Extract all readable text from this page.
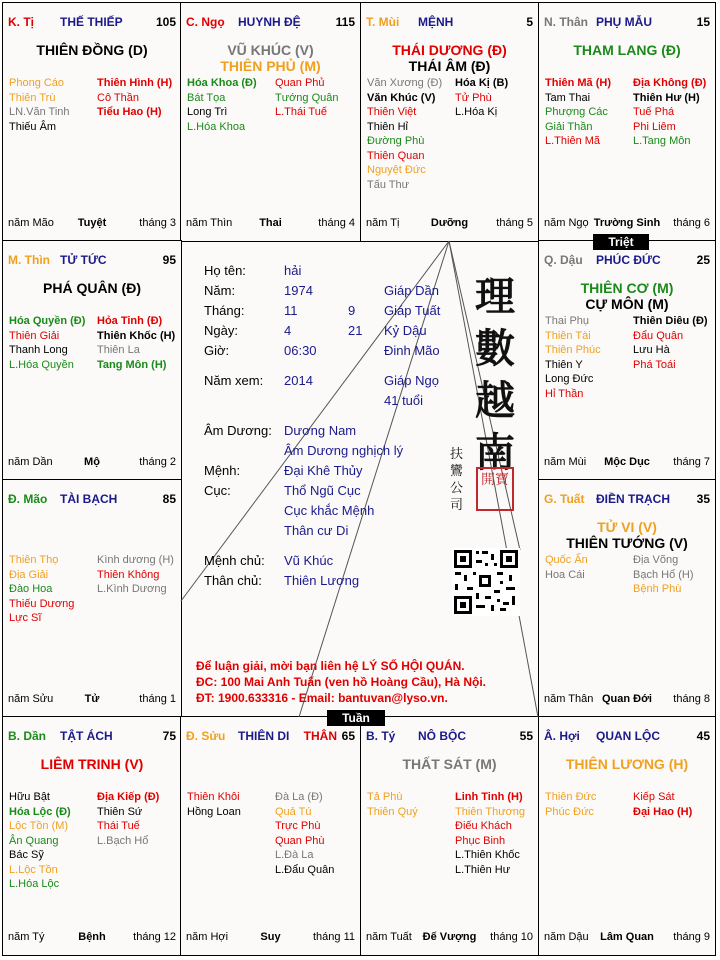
K. Tị THẾ THIẾP	105
THIÊN ĐỒNG (D)
Phong Cáo
Thiên Trù
LN.Văn Tinh
Thiếu Âm
Thiên Hình (H)
Cô Thần
Tiểu Hao (H)
năm Mão	Tuyệt	tháng 3
C. Ngọ HUYNH ĐỆ	115
VŨ KHÚC (V)
THIÊN PHỦ (M)
Hóa Khoa (Đ)
Bát Tọa
Long Trì
L.Hóa Khoa
Quan Phủ
Tướng Quân
L.Thái Tuế
năm Thìn	Thai	tháng 4
T. Mùi MỆNH	5
THÁI DƯƠNG (Đ)
THÁI ÂM (Đ)
Văn Xương (Đ)
Văn Khúc (V)
Thiên Việt
Thiên Hỉ
Đường Phù
Thiên Quan
Nguyệt Đức
Tấu Thư
Hóa Kị (B)
Tử Phù
L.Hóa Kị
năm Tị	Dưỡng	tháng 5
N. Thân PHỤ MẪU	15
THAM LANG (Đ)
Thiên Mã (H)
Tam Thai
Phượng Các
Giải Thần
L.Thiên Mã
Địa Không (Đ)
Thiên Hư (H)
Tuế Phá
Phi Liêm
L.Tang Môn
năm Ngọ Trường Sinh	tháng 6
M. Thìn TỬ TỨC	95
PHÁ QUÂN (Đ)
Hóa Quyền (Đ)
Thiên Giải
Thanh Long
L.Hóa Quyền
Hỏa Tinh (Đ)
Thiên Khốc (H)
Thiên La
Tang Môn (H)
năm Dần	Mộ	tháng 2
Q. Dậu PHÚC ĐỨC	25
THIÊN CƠ (M)
CỰ MÔN (M)
Thai Phụ
Thiên Tài
Thiên Phúc
Thiên Y
Long Đức
Hỉ Thần
Thiên Diêu (Đ)
Đẩu Quân
Lưu Hà
Phá Toái
năm Mùi	Mộc Dục	tháng 7
Đ. Mão TÀI BẠCH	85
Thiên Thọ
Địa Giải
Đào Hoa
Thiếu Dương
Lực Sĩ
Kình dương (H)
Thiên Không
L.Kình Dương
năm Sửu	Tử	tháng 1
G. Tuất ĐIỀN TRẠCH 35
TỬ VI (V)
THIÊN TƯỚNG (V)
Quốc Ấn
Hoa Cái
Địa Võng
Bạch Hổ (H)
Bệnh Phù
năm Thân Quan Đới	tháng 8
B. Dần TẬT ÁCH	75
LIÊM TRINH (V)
Hữu Bật
Hóa Lộc (Đ)
Lộc Tồn (M)
Ân Quang
Bác Sỹ
L.Lộc Tồn
L.Hóa Lộc
Địa Kiếp (Đ)
Thiên Sứ
Thái Tuế
L.Bạch Hổ
năm Tý	Bệnh	tháng 12
Đ. Sửu THIÊN DI	65
THÂN
Thiên Khôi
Hồng Loan
Đà La (Đ)
Quả Tú
Trực Phù
Quan Phù
L.Đà La
L.Đẩu Quân
năm Hợi	Suy	tháng 11
B. Tý NÔ BỘC	55
THẤT SÁT (M)
Tả Phù
Thiên Quý
Linh Tinh (H)
Thiên Thương
Điếu Khách
Phục Binh
L.Thiên Khốc
L.Thiên Hư
năm Tuất Đế Vượng	tháng 10
Â. Hợi QUAN LỘC	45
THIÊN LƯƠNG (H)
Thiên Đức
Phúc Đức
Kiếp Sát
Đại Hao (H)
năm Dậu	Lâm Quan	tháng 9
Triệt
Tuần
Họ tên:	hải
Năm:	1974	Giáp Dần
Tháng:	11	9 Giáp Tuất
Ngày:	4	21 Kỷ Dậu
Giờ:	06:30	Đinh Mão
Năm xem: 2014	Giáp Ngọ
41 tuổi
Âm Dương: Dương Nam
Âm Dương nghịch lý
Mệnh:	Đại Khê Thủy
Cục:	Thổ Ngũ Cục
Cục khắc Mệnh
Thân cư Di
Mệnh chủ: Vũ Khúc
Thân chủ: Thiên Lương
理
數
越
南
扶鸞公司
開寶
Để luận giải, mời bạn liên hệ LÝ SỐ HỘI QUÁN.
ĐC: 100 Mai Anh Tuấn (ven hồ Hoàng Cầu), Hà Nội.
ĐT: 1900.633316 - Email: bantuvan@lyso.vn.
